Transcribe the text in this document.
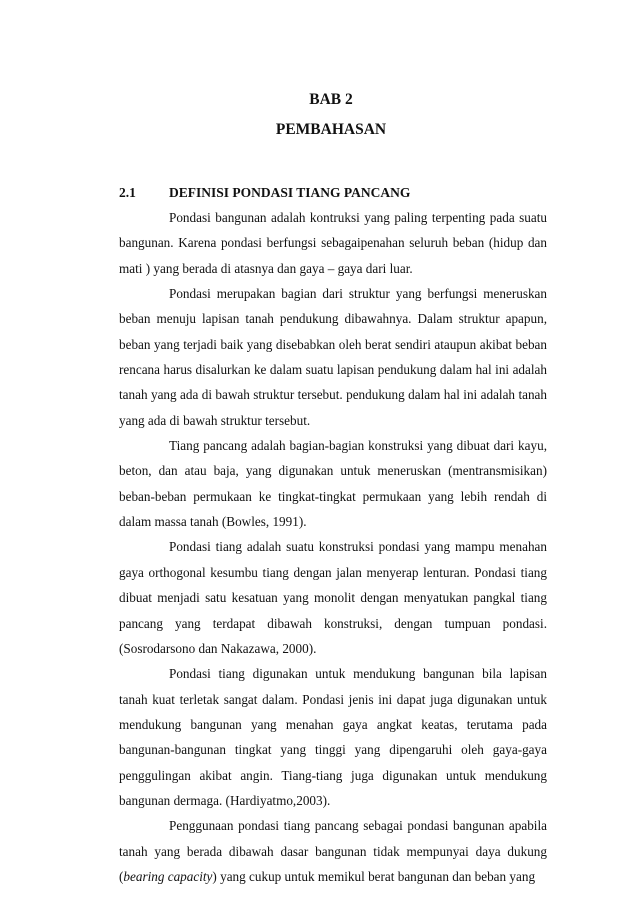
BAB 2
PEMBAHASAN
2.1 DEFINISI PONDASI TIANG PANCANG

Pondasi bangunan adalah kontruksi yang paling terpenting pada suatu bangunan. Karena pondasi berfungsi sebagaipenahan seluruh beban (hidup dan mati ) yang berada di atasnya dan gaya – gaya dari luar.

Pondasi merupakan bagian dari struktur yang berfungsi meneruskan beban menuju lapisan tanah pendukung dibawahnya. Dalam struktur apapun, beban yang terjadi baik yang disebabkan oleh berat sendiri ataupun akibat beban rencana harus disalurkan ke dalam suatu lapisan pendukung dalam hal ini adalah tanah yang ada di bawah struktur tersebut. pendukung dalam hal ini adalah tanah yang ada di bawah struktur tersebut.

Tiang pancang adalah bagian-bagian konstruksi yang dibuat dari kayu, beton, dan atau baja, yang digunakan untuk meneruskan (mentransmisikan) beban-beban permukaan ke tingkat-tingkat permukaan yang lebih rendah di dalam massa tanah (Bowles, 1991).

Pondasi tiang adalah suatu konstruksi pondasi yang mampu menahan gaya orthogonal kesumbu tiang dengan jalan menyerap lenturan. Pondasi tiang dibuat menjadi satu kesatuan yang monolit dengan menyatukan pangkal tiang pancang yang terdapat dibawah konstruksi, dengan tumpuan pondasi. (Sosrodarsono dan Nakazawa, 2000).

Pondasi tiang digunakan untuk mendukung bangunan bila lapisan tanah kuat terletak sangat dalam. Pondasi jenis ini dapat juga digunakan untuk mendukung bangunan yang menahan gaya angkat keatas, terutama pada bangunan-bangunan tingkat yang tinggi yang dipengaruhi oleh gaya-gaya penggulingan akibat angin. Tiang-tiang juga digunakan untuk mendukung bangunan dermaga. (Hardiyatmo,2003).

Penggunaan pondasi tiang pancang sebagai pondasi bangunan apabila tanah yang berada dibawah dasar bangunan tidak mempunyai daya dukung (bearing capacity) yang cukup untuk memikul berat bangunan dan beban yang
